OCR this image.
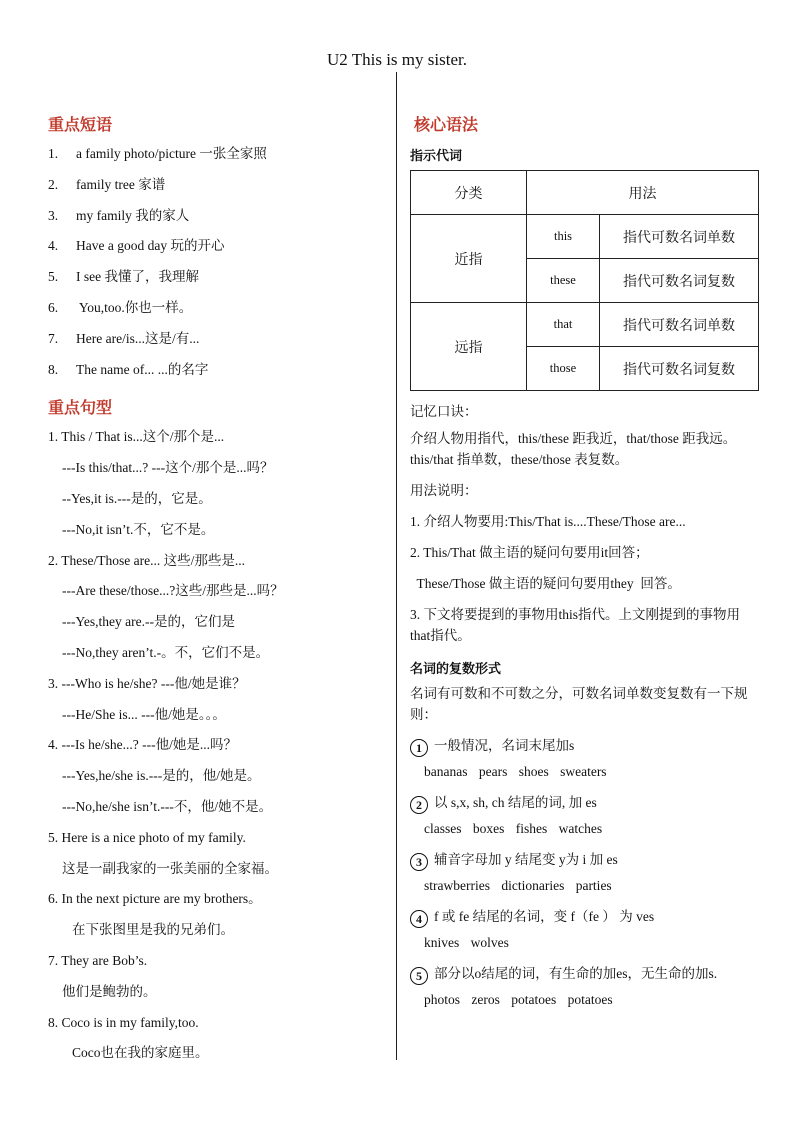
U2 This is my sister.
重点短语
1. a family photo/picture 一张全家照
2. family tree 家谱
3. my family 我的家人
4. Have a good day 玩的开心
5. I see 我懂了，我理解
6. You,too.你也一样。
7. Here are/is...这是/有...
8. The name of... ...的名字
重点句型
1. This / That is...这个/那个是...
---Is this/that...? ---这个/那个是...吗？
--Yes,it is.---是的，它是。
---No,it isn’t.不，它不是。
2. These/Those are... 这些/那些是...
---Are these/those...?这些/那些是...吗？
---Yes,they are.--是的，它们是
---No,they aren’t.-。不，它们不是。
3. ---Who is he/she? ---他/她是谁？
---He/She is... ---他/她是。。。
4. ---Is he/she...? ---他/她是...吗？
---Yes,he/she is.---是的，他/她是。
---No,he/she isn’t.---不，他/她不是。
5. Here is a nice photo of my family.
这是一副我家的一张美丽的全家福。
6. In the next picture are my brothers。
在下张图里是我的兄弟们。
7. They are Bob’s.
他们是鲍勃的。
8. Coco is in my family,too.
Coco也在我的家庭里。
核心语法
指示代词
分类	用法	
近指	this	指代可数名词单数
	these	指代可数名词复数
远指	that	指代可数名词单数
	those	指代可数名词复数
记忆口诀：
介绍人物用指代，this/these 距我近，that/those 距我远。this/that 指单数，these/those 表复数。
用法说明：
1. 介绍人物要用:This/That is....These/Those are...
2. This/That 做主语的疑问句要用it回答；
These/Those 做主语的疑问句要用they  回答。
3. 下文将要提到的事物用this指代。上文刚提到的事物用that指代。
名词的复数形式
名词有可数和不可数之分，可数名词单数变复数有一下规则：
1 一般情况，名词末尾加s
bananas pears shoes sweaters
2 以 s,x, sh, ch 结尾的词, 加 es
classes boxes fishes watches
3 辅音字母加 y 结尾变 y为 i 加 es
strawberries dictionaries parties
4 f 或 fe 结尾的名词，变 f（fe ） 为 ves
knives wolves
5 部分以o结尾的词，有生命的加es，无生命的加s.
photos zeros potatoes potatoes
